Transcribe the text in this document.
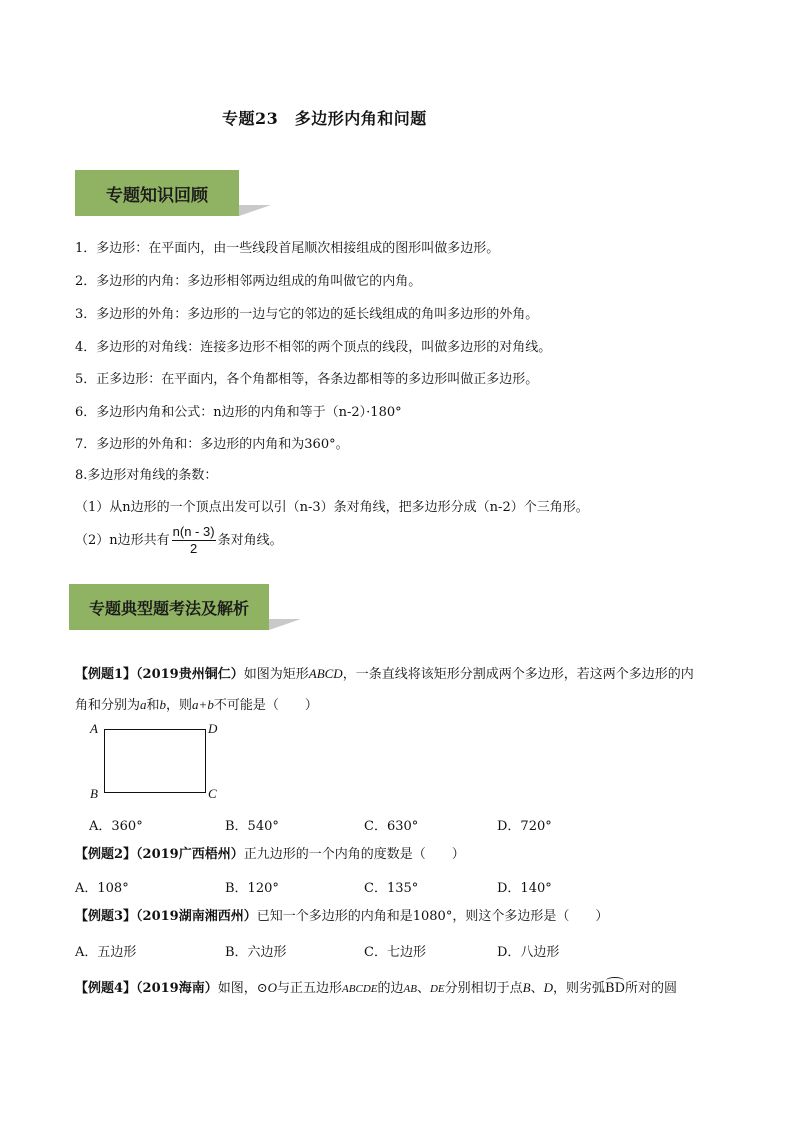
专题23　多边形内角和问题
专题知识回顾
1．多边形：在平面内，由一些线段首尾顺次相接组成的图形叫做多边形。
2．多边形的内角：多边形相邻两边组成的角叫做它的内角。
3．多边形的外角：多边形的一边与它的邻边的延长线组成的角叫多边形的外角。
4．多边形的对角线：连接多边形不相邻的两个顶点的线段，叫做多边形的对角线。
5．正多边形：在平面内，各个角都相等，各条边都相等的多边形叫做正多边形。
6．多边形内角和公式：n边形的内角和等于（n-2）·180°
7．多边形的外角和：多边形的内角和为360°。
8.多边形对角线的条数：
（1）从n边形的一个顶点出发可以引（n-3）条对角线，把多边形分成（n-2）个三角形。
（2）n边形共有 $\frac{n(n - 3)}{2}$ 条对角线。
专题典型题考法及解析
【例题1】（2019贵州铜仁）如图为矩形ABCD，一条直线将该矩形分割成两个多边形，若这两个多边形的内
角和分别为a和b，则a+b不可能是（　　）
A	D
B	C
A．360°	B．540°	C．630°	D．720°
【例题2】（2019广西梧州）正九边形的一个内角的度数是（　　）
A．108°	B．120°	C．135°	D．140°
【例题3】（2019湖南湘西州）已知一个多边形的内角和是1080°，则这个多边形是（　　）
A．五边形	B．六边形	C．七边形	D．八边形
【例题4】（2019海南）如图，⊙O与正五边形ABCDE的边AB、DE分别相切于点B、D，则劣弧BD所对的圆
